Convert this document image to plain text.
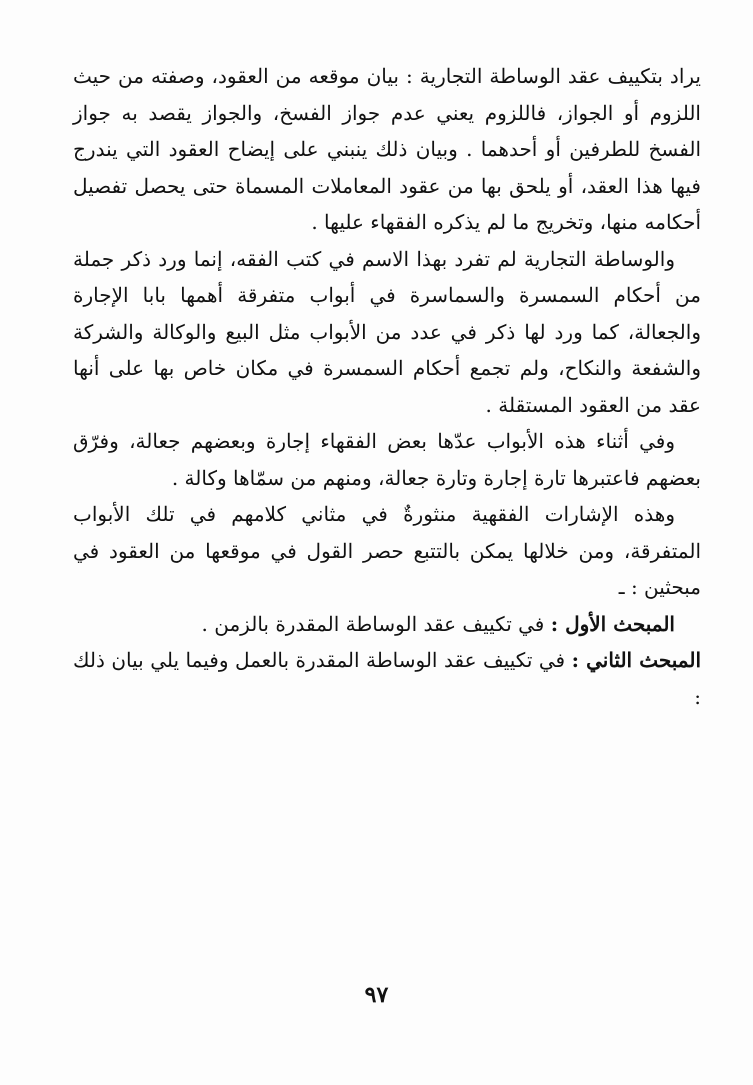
يراد بتكييف عقد الوساطة التجارية : بيان موقعه من العقود، وصفته من حيث اللزوم أو الجواز، فاللزوم يعني عدم جواز الفسخ، والجواز يقصد به جواز الفسخ للطرفين أو أحدهما . وبيان ذلك ينبني على إيضاح العقود التي يندرج فيها هذا العقد، أو يلحق بها من عقود المعاملات المسماة حتى يحصل تفصيل أحكامه منها، وتخريج ما لم يذكره الفقهاء عليها .

والوساطة التجارية لم تفرد بهذا الاسم في كتب الفقه، إنما ورد ذكر جملة من أحكام السمسرة والسماسرة في أبواب متفرقة أهمها بابا الإجارة والجعالة، كما ورد لها ذكر في عدد من الأبواب مثل البيع والوكالة والشركة والشفعة والنكاح، ولم تجمع أحكام السمسرة في مكان خاص بها على أنها عقد من العقود المستقلة .

وفي أثناء هذه الأبواب عدّها بعض الفقهاء إجارة وبعضهم جعالة، وفرّق بعضهم فاعتبرها تارة إجارة وتارة جعالة، ومنهم من سمّاها وكالة .

وهذه الإشارات الفقهية منثورةٌ في مثاني كلامهم في تلك الأبواب المتفرقة، ومن خلالها يمكن بالتتبع حصر القول في موقعها من العقود في مبحثين : ـ

المبحث الأول : في تكييف عقد الوساطة المقدرة بالزمن .

المبحث الثاني : في تكييف عقد الوساطة المقدرة بالعمل وفيما يلي بيان ذلك :

٩٧
